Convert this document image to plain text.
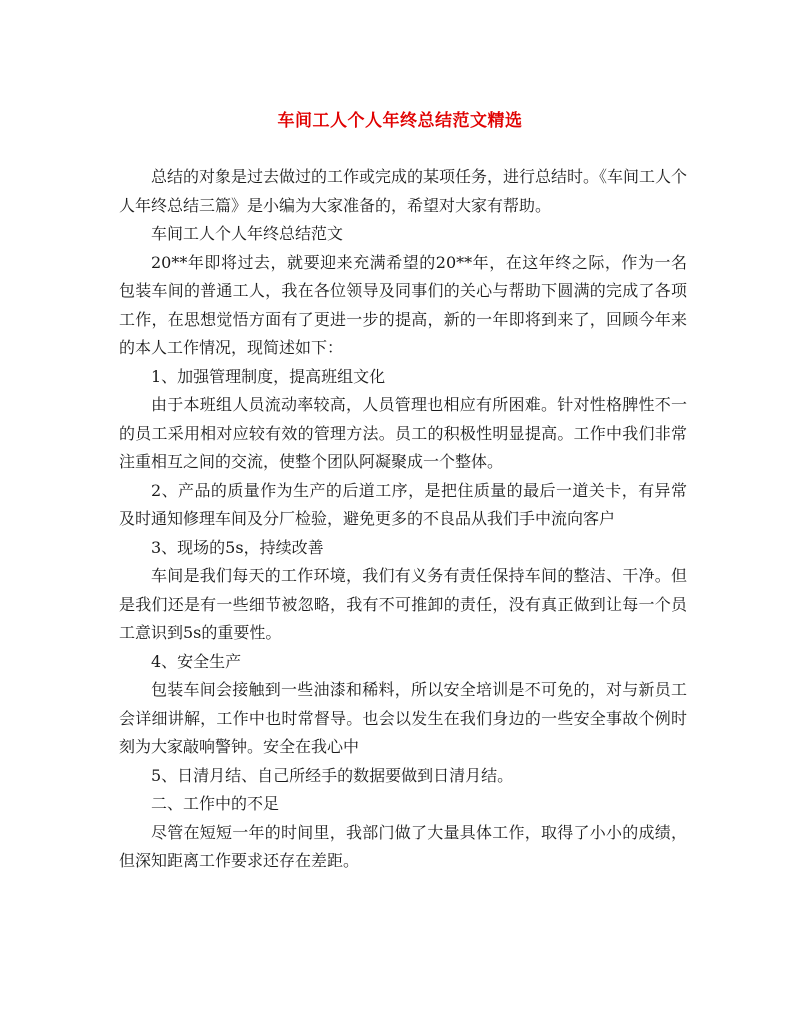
车间工人个人年终总结范文精选

总结的对象是过去做过的工作或完成的某项任务，进行总结时。《车间工人个人年终总结三篇》是小编为大家准备的，希望对大家有帮助。

车间工人个人年终总结范文

20**年即将过去，就要迎来充满希望的20**年，在这年终之际，作为一名包装车间的普通工人，我在各位领导及同事们的关心与帮助下圆满的完成了各项工作，在思想觉悟方面有了更进一步的提高，新的一年即将到来了，回顾今年来的本人工作情况，现简述如下：

1、加强管理制度，提高班组文化

由于本班组人员流动率较高，人员管理也相应有所困难。针对性格脾性不一的员工采用相对应较有效的管理方法。员工的积极性明显提高。工作中我们非常注重相互之间的交流，使整个团队阿凝聚成一个整体。

2、产品的质量作为生产的后道工序，是把住质量的最后一道关卡，有异常及时通知修理车间及分厂检验，避免更多的不良品从我们手中流向客户

3、现场的5s，持续改善

车间是我们每天的工作环境，我们有义务有责任保持车间的整洁、干净。但是我们还是有一些细节被忽略，我有不可推卸的责任，没有真正做到让每一个员工意识到5s的重要性。

4、安全生产

包装车间会接触到一些油漆和稀料，所以安全培训是不可免的，对与新员工会详细讲解，工作中也时常督导。也会以发生在我们身边的一些安全事故个例时刻为大家敲响警钟。安全在我心中

5、日清月结、自己所经手的数据要做到日清月结。

二、工作中的不足

尽管在短短一年的时间里，我部门做了大量具体工作，取得了小小的成绩，但深知距离工作要求还存在差距。
